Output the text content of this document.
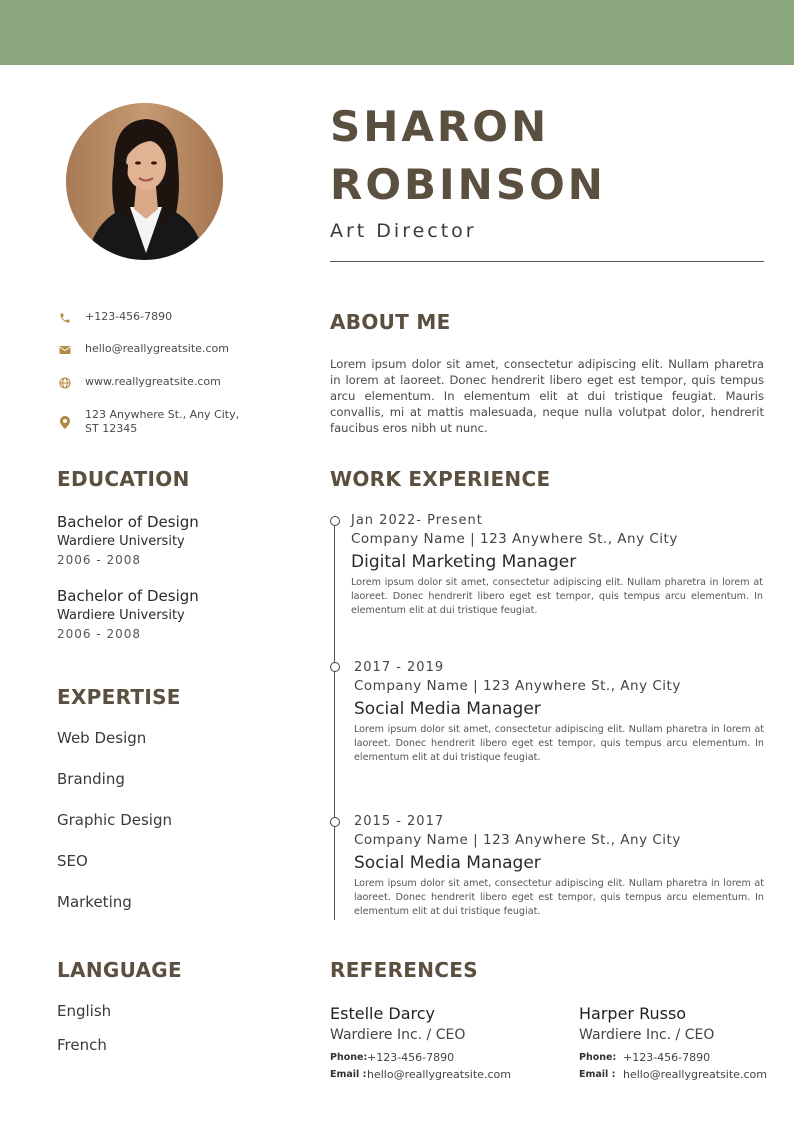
SHARON
ROBINSON
Art Director
+123-456-7890
hello@reallygreatsite.com
www.reallygreatsite.com
123 Anywhere St., Any City,
ST 12345
ABOUT ME
Lorem ipsum dolor sit amet, consectetur adipiscing elit. Nullam pharetra in lorem at laoreet. Donec hendrerit libero eget est tempor, quis tempus arcu elementum. In elementum elit at dui tristique feugiat. Mauris convallis, mi at mattis malesuada, neque nulla volutpat dolor, hendrerit faucibus eros nibh ut nunc.
EDUCATION
Bachelor of Design
Wardiere University
2006 - 2008
Bachelor of Design
Wardiere University
2006 - 2008
EXPERTISE
Web Design
Branding
Graphic Design
SEO
Marketing
LANGUAGE
English
French
WORK EXPERIENCE
Jan 2022- Present
Company Name | 123 Anywhere St., Any City
Digital Marketing Manager
Lorem ipsum dolor sit amet, consectetur adipiscing elit. Nullam pharetra in lorem at laoreet. Donec hendrerit libero eget est tempor, quis tempus arcu elementum. In elementum elit at dui tristique feugiat.
2017 - 2019
Company Name | 123 Anywhere St., Any City
Social Media Manager
Lorem ipsum dolor sit amet, consectetur adipiscing elit. Nullam pharetra in lorem at laoreet. Donec hendrerit libero eget est tempor, quis tempus arcu elementum. In elementum elit at dui tristique feugiat.
2015 - 2017
Company Name | 123 Anywhere St., Any City
Social Media Manager
Lorem ipsum dolor sit amet, consectetur adipiscing elit. Nullam pharetra in lorem at laoreet. Donec hendrerit libero eget est tempor, quis tempus arcu elementum. In elementum elit at dui tristique feugiat.
REFERENCES
Estelle Darcy
Wardiere Inc. / CEO
Phone: +123-456-7890
Email : hello@reallygreatsite.com
Harper Russo
Wardiere Inc. / CEO
Phone: +123-456-7890
Email : hello@reallygreatsite.com
